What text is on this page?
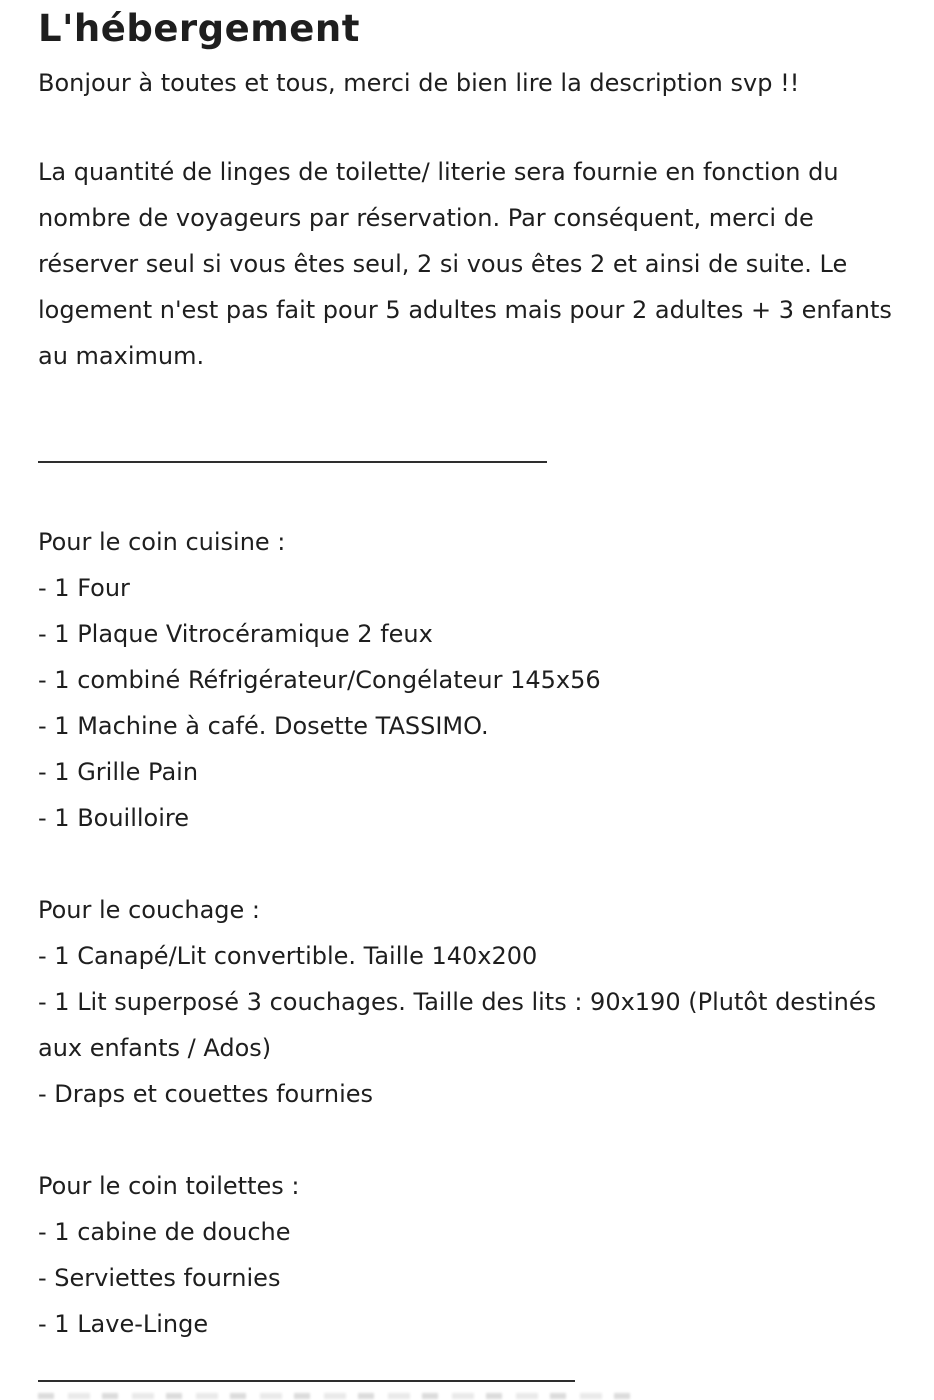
L'hébergement

Bonjour à toutes et tous, merci de bien lire la description svp !!

La quantité de linges de toilette/ literie sera fournie en fonction du nombre de voyageurs par réservation. Par conséquent, merci de réserver seul si vous êtes seul, 2 si vous êtes 2 et ainsi de suite. Le logement n'est pas fait pour 5 adultes mais pour 2 adultes + 3 enfants au maximum.

Pour le coin cuisine :

- 1 Four

- 1 Plaque Vitrocéramique 2 feux

- 1 combiné Réfrigérateur/Congélateur 145x56

- 1 Machine à café. Dosette TASSIMO.

- 1 Grille Pain

- 1 Bouilloire

Pour le couchage :

- 1 Canapé/Lit convertible. Taille 140x200

- 1 Lit superposé 3 couchages. Taille des lits : 90x190 (Plutôt destinés aux enfants / Ados)

- Draps et couettes fournies

Pour le coin toilettes :

- 1 cabine de douche

- Serviettes fournies

- 1 Lave-Linge
